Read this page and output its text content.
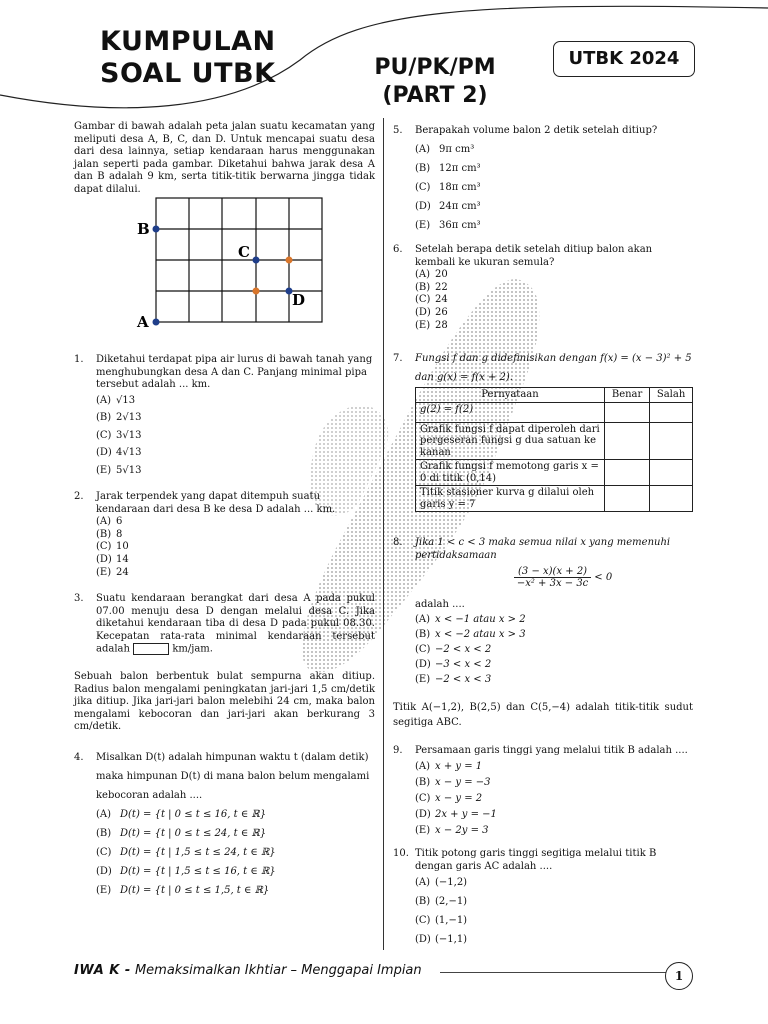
KUMPULAN
SOAL UTBK	PU/PK/PM
(PART 2)
UTBK 2024

Gambar di bawah adalah peta jalan suatu kecamatan yang meliputi desa A, B, C, dan D. Untuk mencapai suatu desa dari desa lainnya, setiap kendaraan harus menggunakan jalan seperti pada gambar. Diketahui bahwa jarak desa A dan B adalah 9 km, serta titik-titik berwarna jingga tidak dapat dilalui.

B
A
C
D
1. Diketahui terdapat pipa air lurus di bawah tanah yang menghubungkan desa A dan C. Panjang minimal pipa tersebut adalah ... km.
(A) √13
(B) 2√13
(C) 3√13
(D) 4√13
(E) 5√13
2. Jarak terpendek yang dapat ditempuh suatu kendaraan dari desa B ke desa D adalah ... km.
(A) 6
(B) 8
(C) 10
(D) 14
(E) 24
3. Suatu kendaraan berangkat dari desa A pada pukul 07.00 menuju desa D dengan melalui desa C. Jika diketahui kendaraan tiba di desa D pada pukul 08.30. Kecepatan rata-rata minimal kendaraan tersebut adalah	km/jam.

Sebuah balon berbentuk bulat sempurna akan ditiup. Radius balon mengalami peningkatan jari-jari 1,5 cm/detik jika ditiup. Jika jari-jari balon melebihi 24 cm, maka balon mengalami kebocoran dan jari-jari akan berkurang 3 cm/detik.

4. Misalkan D(t) adalah himpunan waktu t (dalam detik) maka himpunan D(t) di mana balon belum mengalami kebocoran adalah ....
(A) D(t) = {t | 0 ≤ t ≤ 16, t ∈ ℝ}
(B) D(t) = {t | 0 ≤ t ≤ 24, t ∈ ℝ}
(C) D(t) = {t | 1,5 ≤ t ≤ 24, t ∈ ℝ}
(D) D(t) = {t | 1,5 ≤ t ≤ 16, t ∈ ℝ}
(E) D(t) = {t | 0 ≤ t ≤ 1,5, t ∈ ℝ}
5. Berapakah volume balon 2 detik setelah ditiup?
(A) 9π cm³
(B) 12π cm³
(C) 18π cm³
(D) 24π cm³
(E) 36π cm³
6. Setelah berapa detik setelah ditiup balon akan kembali ke ukuran semula?
(A) 20
(B) 22
(C) 24
(D) 26
(E) 28
7. Fungsi f dan g didefinisikan dengan f(x) = (x − 3)² + 5 dan g(x) = f(x + 2).
Pernyataan	Benar	Salah
g(2) = f(2)		
Grafik fungsi f dapat diperoleh dari pergeseran fungsi g dua satuan ke kanan		
Grafik fungsi f memotong garis x = 0 di titik (0,14)		
Titik stasioner kurva g dilalui oleh garis y = 7		
8. Jika 1 < c < 3 maka semua nilai x yang memenuhi pertidaksamaan
$\frac{(3 - x)(x + 2)}{\text{−x² + 3x − 3c}} < 0$
adalah ....
(A) x < −1 atau x > 2
(B) x < −2 atau x > 3
(C) −2 < x < 2
(D) −3 < x < 2
(E) −2 < x < 3

Titik A(−1,2), B(2,5) dan C(5,−4) adalah titik-titik sudut segitiga ABC.

9. Persamaan garis tinggi yang melalui titik B adalah ....
(A) x + y = 1
(B) x − y = −3
(C) x − y = 2
(D) 2x + y = −1
(E) x − 2y = 3
10. Titik potong garis tinggi segitiga melalui titik B dengan garis AC adalah ....
(A) (−1,2)
(B) (2,−1)
(C) (1,−1)
(D) (−1,1)
IWA K - Memaksimalkan Ikhtiar – Menggapai Impian	1
